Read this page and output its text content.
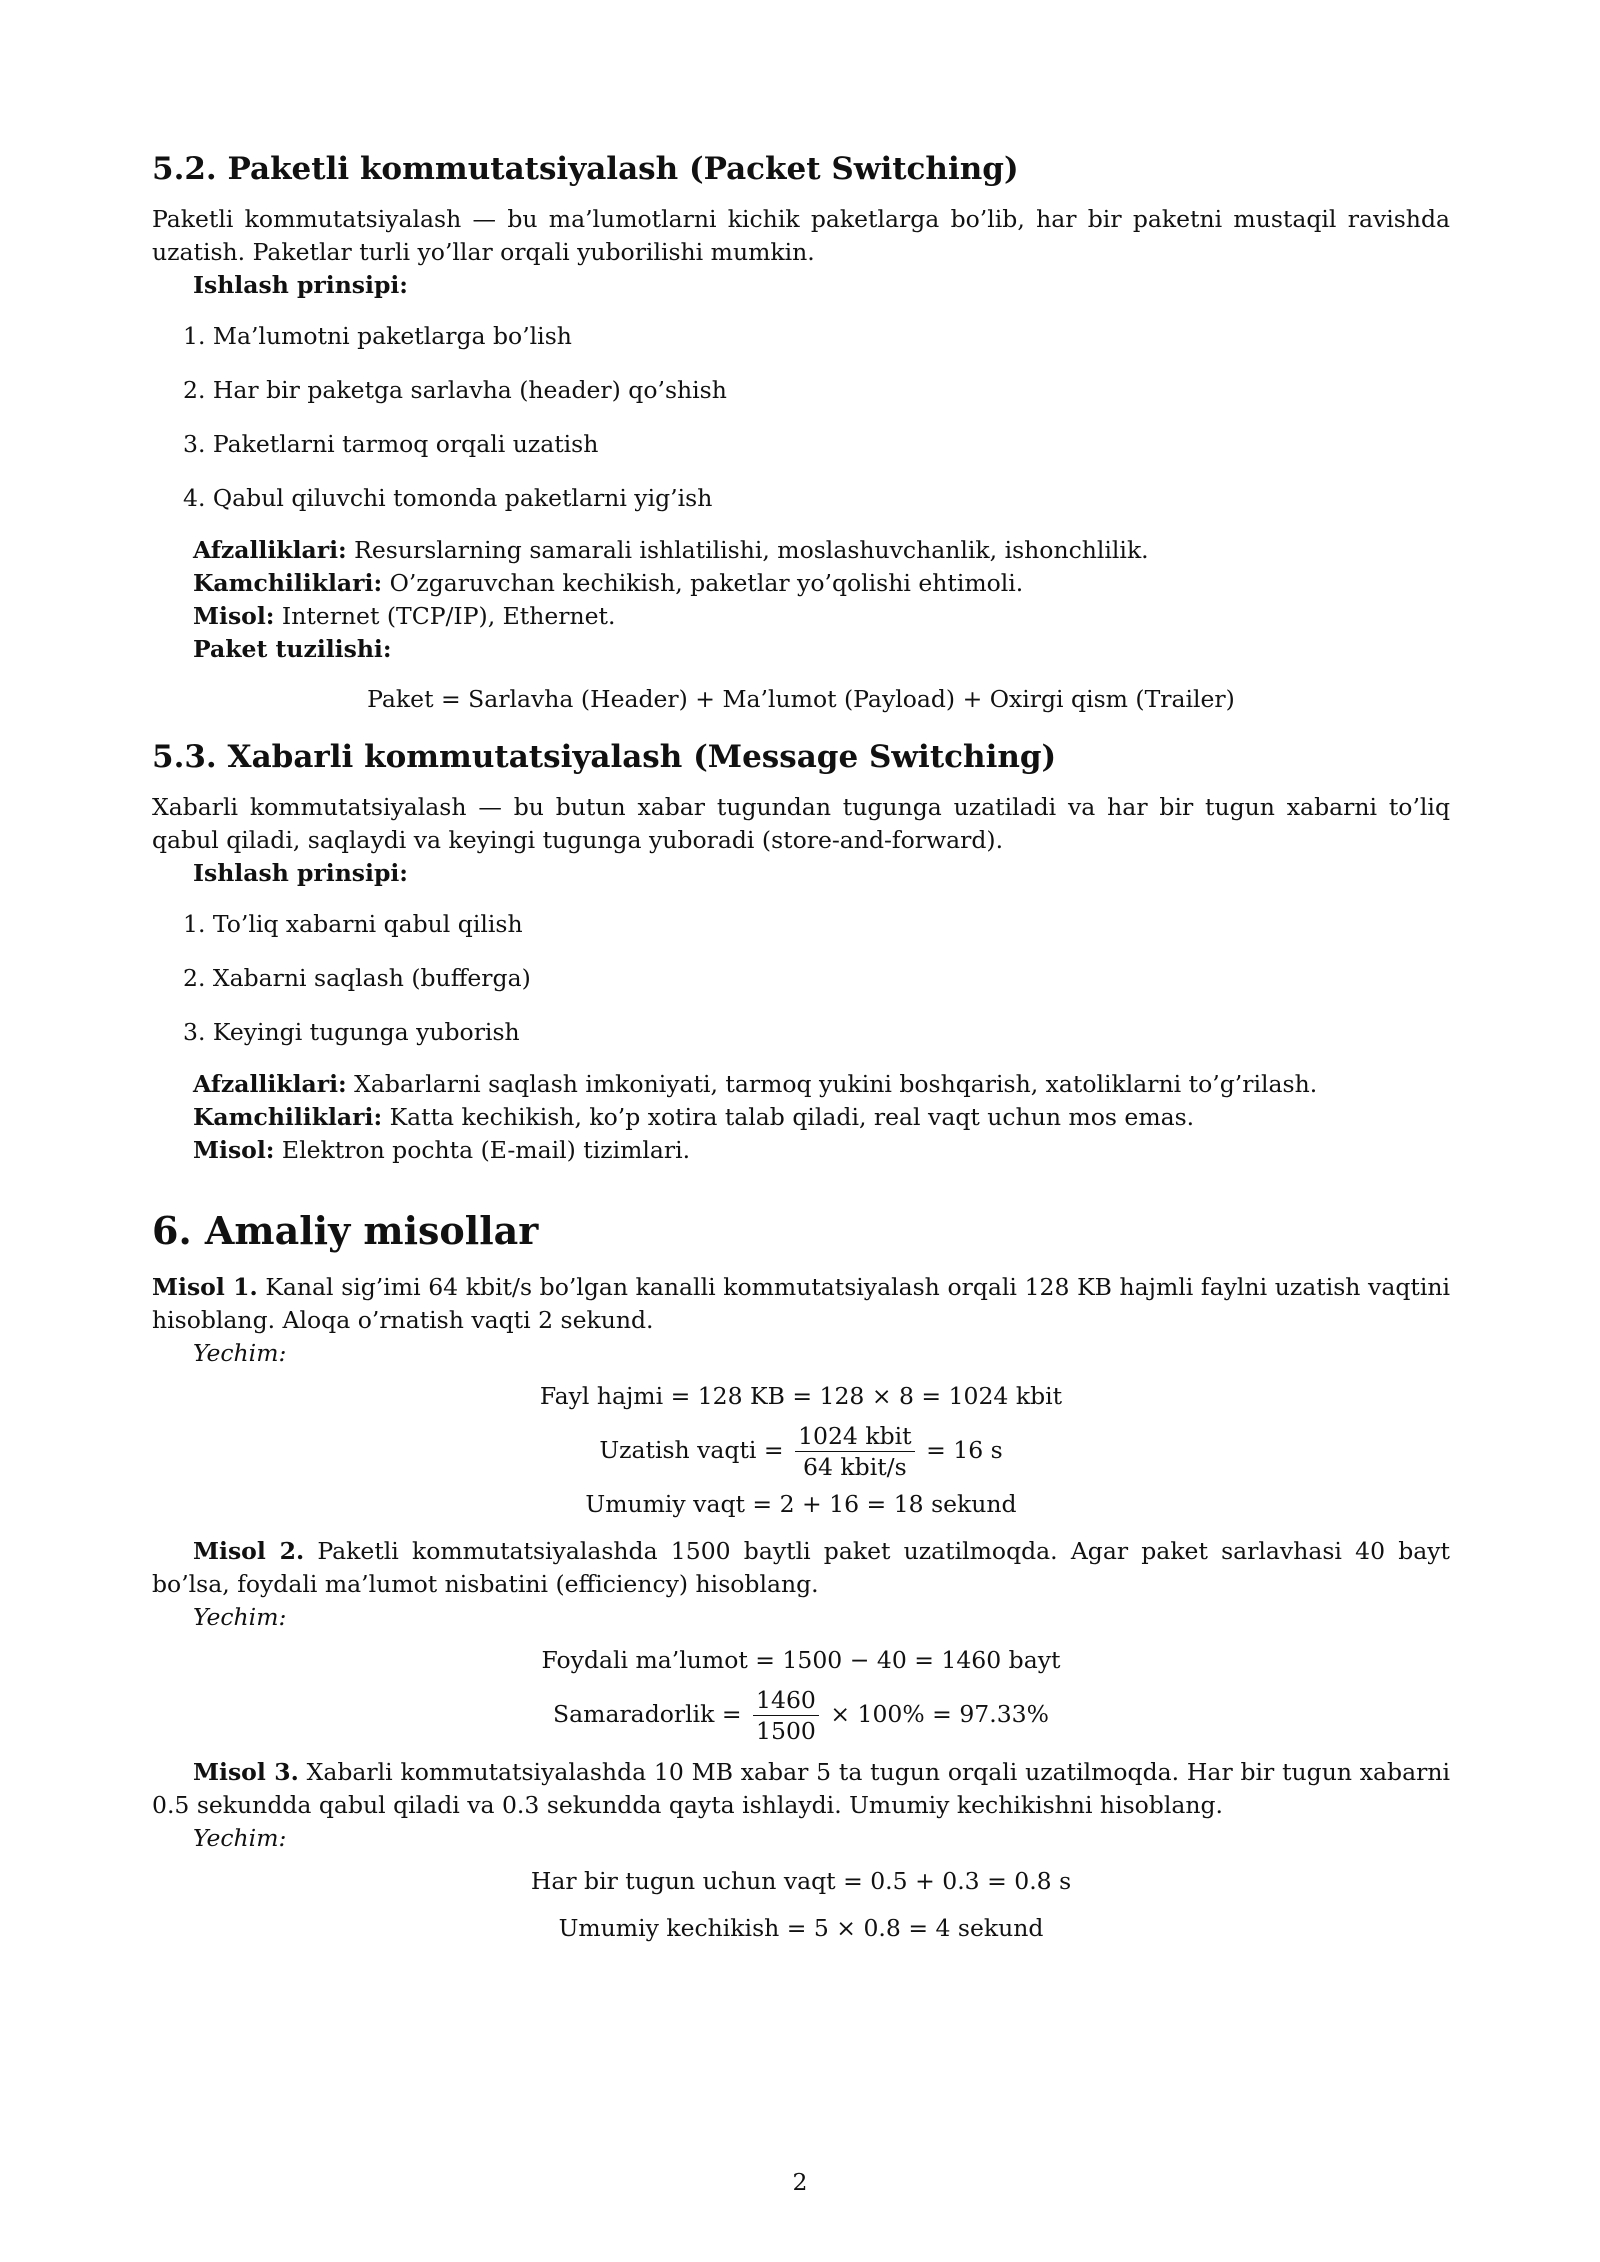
5.2. Paketli kommutatsiyalash (Packet Switching)

Paketli kommutatsiyalash — bu ma’lumotlarni kichik paketlarga bo’lib, har bir paketni mustaqil ravishda uzatish. Paketlar turli yo’llar orqali yuborilishi mumkin.

Ishlash prinsipi:

1. Ma’lumotni paketlarga bo’lish
2. Har bir paketga sarlavha (header) qo’shish
3. Paketlarni tarmoq orqali uzatish
4. Qabul qiluvchi tomonda paketlarni yig’ish

Afzalliklari: Resurslarning samarali ishlatilishi, moslashuvchanlik, ishonchlilik.

Kamchiliklari: O’zgaruvchan kechikish, paketlar yo’qolishi ehtimoli.

Misol: Internet (TCP/IP), Ethernet.

Paket tuzilishi:

Paket = Sarlavha (Header) + Ma’lumot (Payload) + Oxirgi qism (Trailer)

5.3. Xabarli kommutatsiyalash (Message Switching)

Xabarli kommutatsiyalash — bu butun xabar tugundan tugunga uzatiladi va har bir tugun xabarni to’liq qabul qiladi, saqlaydi va keyingi tugunga yuboradi (store-and-forward).

Ishlash prinsipi:

1. To’liq xabarni qabul qilish
2. Xabarni saqlash (bufferga)
3. Keyingi tugunga yuborish

Afzalliklari: Xabarlarni saqlash imkoniyati, tarmoq yukini boshqarish, xatoliklarni to’g’rilash.

Kamchiliklari: Katta kechikish, ko’p xotira talab qiladi, real vaqt uchun mos emas.

Misol: Elektron pochta (E-mail) tizimlari.

6. Amaliy misollar

Misol 1. Kanal sig’imi 64 kbit/s bo’lgan kanalli kommutatsiyalash orqali 128 KB hajmli faylni uzatish vaqtini hisoblang. Aloqa o’rnatish vaqti 2 sekund.

Yechim:

Fayl hajmi = 128 KB = 128 × 8 = 1024 kbit

Uzatish vaqti = $\frac{\text{1024 kbit}}{\text{64 kbit/s}} = 16$ s

Umumiy vaqt = 2 + 16 = 18 sekund

Misol 2. Paketli kommutatsiyalashda 1500 baytli paket uzatilmoqda. Agar paket sarlavhasi 40 bayt bo’lsa, foydali ma’lumot nisbatini (efficiency) hisoblang.

Yechim:

Foydali ma’lumot = 1500 − 40 = 1460 bayt

Samaradorlik = $\frac{1460}{1500} \times 100\% = 97.33\%$

Misol 3. Xabarli kommutatsiyalashda 10 MB xabar 5 ta tugun orqali uzatilmoqda. Har bir tugun xabarni 0.5 sekundda qabul qiladi va 0.3 sekundda qayta ishlaydi. Umumiy kechikishni hisoblang.

Yechim:

Har bir tugun uchun vaqt = 0.5 + 0.3 = 0.8 s

Umumiy kechikish = 5 × 0.8 = 4 sekund

2
